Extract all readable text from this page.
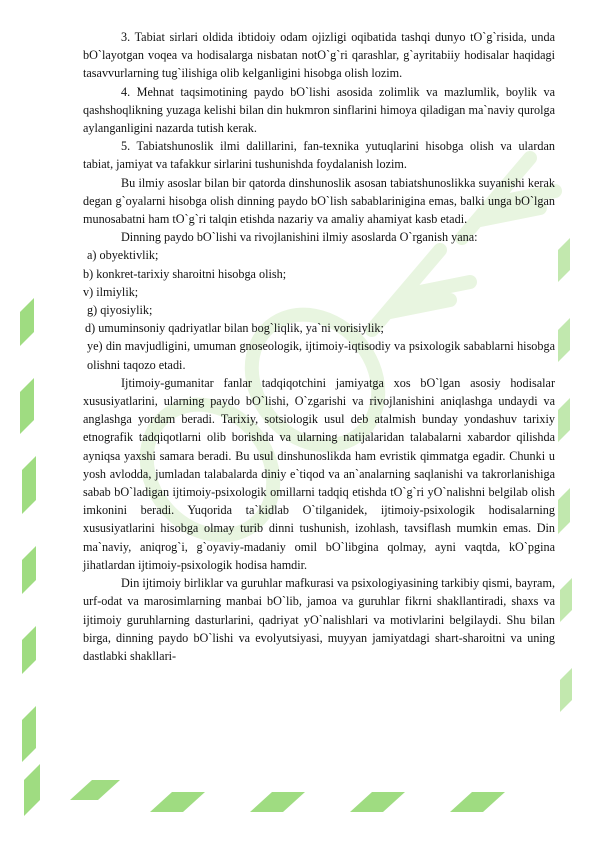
3. Tabiat sirlari oldida ibtidoiy odam ojizligi oqibatida tashqi dunyo tO`g`risida, unda bO`layotgan voqea va hodisalarga nisbatan notO`g`ri qarashlar, g`ayritabiiy hodisalar haqidagi tasavvurlarning tug`ilishiga olib kelganligini hisobga olish lozim.

4. Mehnat taqsimotining paydo bO`lishi asosida zolimlik va mazlumlik, boylik va qashshoqlikning yuzaga kelishi bilan din hukmron sinflarini himoya qiladigan ma`naviy qurolga aylanganligini nazarda tutish kerak.

5. Tabiatshunoslik ilmi dalillarini, fan-texnika yutuqlarini hisobga olish va ulardan tabiat, jamiyat va tafakkur sirlarini tushunishda foydalanish lozim.

Bu ilmiy asoslar bilan bir qatorda dinshunoslik asosan tabiatshunoslikka suyanishi kerak degan g`oyalarni hisobga olish dinning paydo bO`lish sabablarinigina emas, balki unga bO`lgan munosabatni ham tO`g`ri talqin etishda nazariy va amaliy ahamiyat kasb etadi.

Dinning paydo bO`lishi va rivojlanishini ilmiy asoslarda O`rganish yana:

a) obyektivlik;

b) konkret-tarixiy sharoitni hisobga olish;

v) ilmiylik;

g) qiyosiylik;

d) umuminsoniy qadriyatlar bilan bog`liqlik, ya`ni vorisiylik;

ye) din mavjudligini, umuman gnoseologik, ijtimoiy-iqtisodiy va psixologik sabablarni hisobga olishni taqozo etadi.

Ijtimoiy-gumanitar fanlar tadqiqotchini jamiyatga xos bO`lgan asosiy hodisalar xususiyatlarini, ularning paydo bO`lishi, O`zgarishi va rivojlanishini aniqlashga undaydi va anglashga yordam beradi. Tarixiy, sotsiologik usul deb atalmish bunday yondashuv tarixiy etnografik tadqiqotlarni olib borishda va ularning natijalaridan talabalarni xabardor qilishda ayniqsa yaxshi samara beradi. Bu usul dinshunoslikda ham evristik qimmatga egadir. Chunki u yosh avlodda, jumladan talabalarda diniy e`tiqod va an`analarning saqlanishi va takrorlanishiga sabab bO`ladigan ijtimoiy-psixologik omillarni tadqiq etishda tO`g`ri yO`nalishni belgilab olish imkonini beradi. Yuqorida ta`kidlab O`tilganidek, ijtimoiy-psixologik hodisalarning xususiyatlarini hisobga olmay turib dinni tushunish, izohlash, tavsiflash mumkin emas. Din ma`naviy, aniqrog`i, g`oyaviy-madaniy omil bO`libgina qolmay, ayni vaqtda, kO`pgina jihatlardan ijtimoiy-psixologik hodisa hamdir.

Din ijtimoiy birliklar va guruhlar mafkurasi va psixologiyasining tarkibiy qismi, bayram, urf-odat va marosimlarning manbai bO`lib, jamoa va guruhlar fikrni shakllantiradi, shaxs va ijtimoiy guruhlarning dasturlarini, qadriyat yO`nalishlari va motivlarini belgilaydi. Shu bilan birga, dinning paydo bO`lishi va evolyutsiyasi, muyyan jamiyatdagi shart-sharoitni va uning dastlabki shakllari-
